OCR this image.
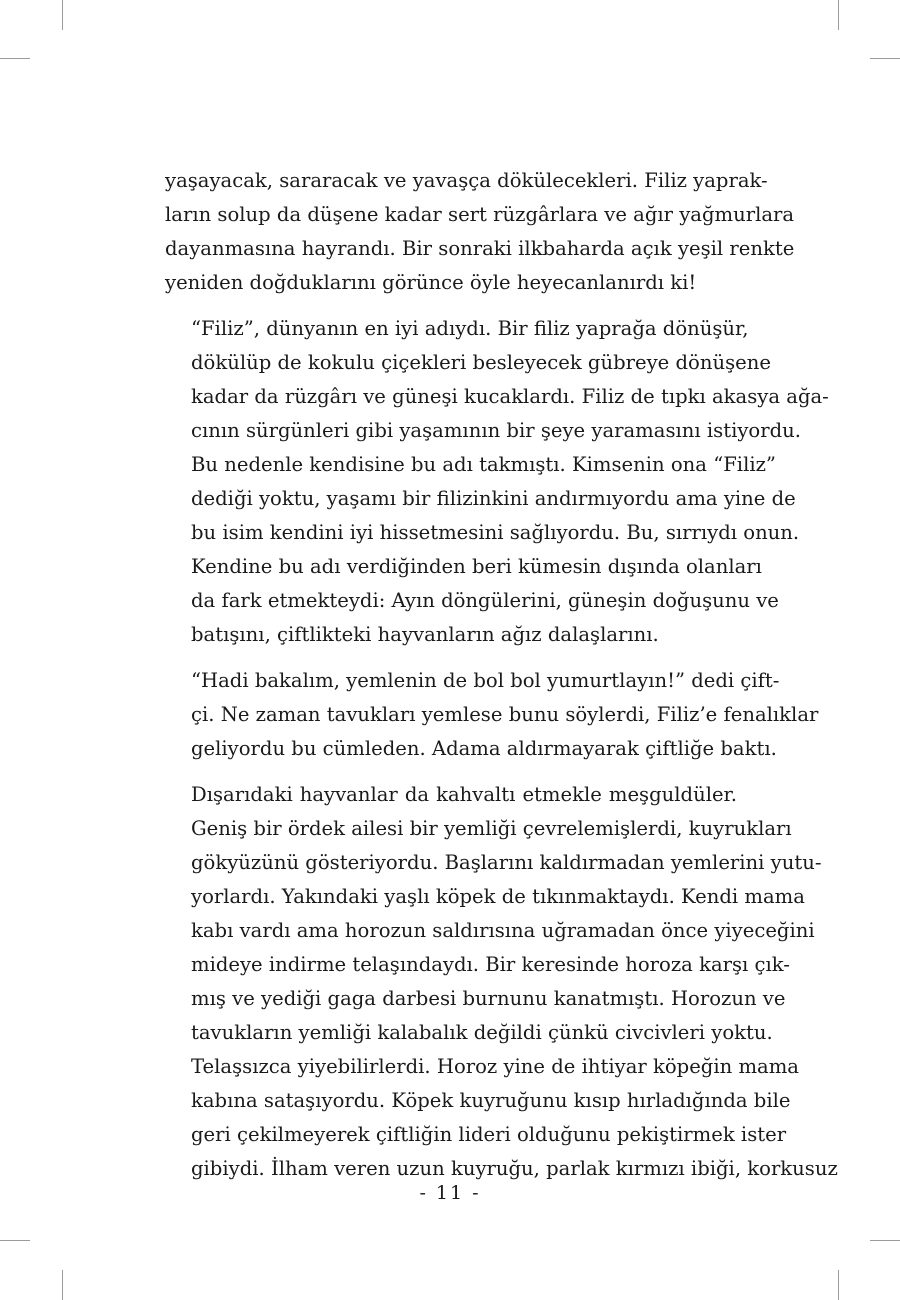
yaşayacak, sararacak ve yavaşça dökülecekleri. Filiz yaprak-
ların solup da düşene kadar sert rüzgârlara ve ağır yağmurlara
dayanmasına hayrandı. Bir sonraki ilkbaharda açık yeşil renkte
yeniden doğduklarını görünce öyle heyecanlanırdı ki!

“Filiz”, dünyanın en iyi adıydı. Bir filiz yaprağa dönüşür,
dökülüp de kokulu çiçekleri besleyecek gübreye dönüşene
kadar da rüzgârı ve güneşi kucaklardı. Filiz de tıpkı akasya ağa-
cının sürgünleri gibi yaşamının bir şeye yaramasını istiyordu.
Bu nedenle kendisine bu adı takmıştı. Kimsenin ona “Filiz”
dediği yoktu, yaşamı bir filizinkini andırmıyordu ama yine de
bu isim kendini iyi hissetmesini sağlıyordu. Bu, sırrıydı onun.
Kendine bu adı verdiğinden beri kümesin dışında olanları
da fark etmekteydi: Ayın döngülerini, güneşin doğuşunu ve
batışını, çiftlikteki hayvanların ağız dalaşlarını.

“Hadi bakalım, yemlenin de bol bol yumurtlayın!” dedi çift-
çi. Ne zaman tavukları yemlese bunu söylerdi, Filiz’e fenalıklar
geliyordu bu cümleden. Adama aldırmayarak çiftliğe baktı.

Dışarıdaki hayvanlar da kahvaltı etmekle meşguldüler.
Geniş bir ördek ailesi bir yemliği çevrelemişlerdi, kuyrukları
gökyüzünü gösteriyordu. Başlarını kaldırmadan yemlerini yutu-
yorlardı. Yakındaki yaşlı köpek de tıkınmaktaydı. Kendi mama
kabı vardı ama horozun saldırısına uğramadan önce yiyeceğini
mideye indirme telaşındaydı. Bir keresinde horoza karşı çık-
mış ve yediği gaga darbesi burnunu kanatmıştı. Horozun ve
tavukların yemliği kalabalık değildi çünkü civcivleri yoktu.
Telaşsızca yiyebilirlerdi. Horoz yine de ihtiyar köpeğin mama
kabına sataşıyordu. Köpek kuyruğunu kısıp hırladığında bile
geri çekilmeyerek çiftliğin lideri olduğunu pekiştirmek ister
gibiydi. İlham veren uzun kuyruğu, parlak kırmızı ibiği, korkusuz

- 11 -
